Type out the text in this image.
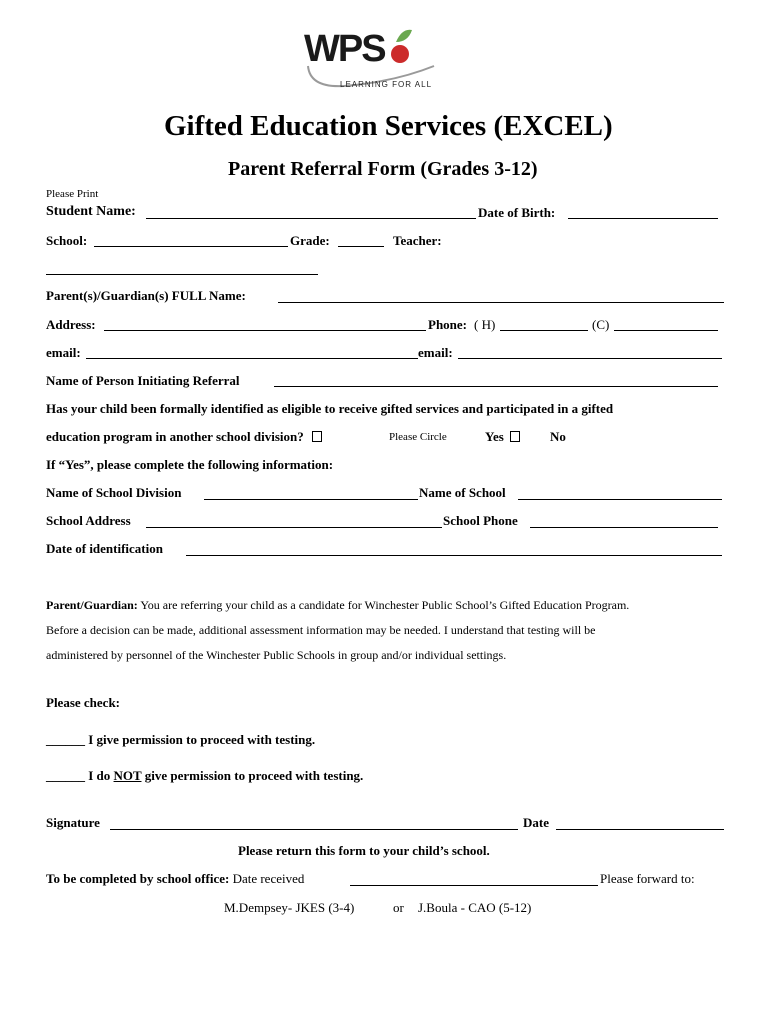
WPS
LEARNING FOR ALL
Gifted Education Services (EXCEL)
Parent Referral Form (Grades 3-12)
Please Print
Student Name:	Date of Birth:
School:	Grade:	Teacher:
Parent(s)/Guardian(s) FULL Name:
Address:	Phone: ( H)	(C)
email:	email:
Name of Person Initiating Referral
Has your child been formally identified as eligible to receive gifted services and participated in a gifted
education program in another school division?	Please Circle	Yes	No
If “Yes”, please complete the following information:
Name of School Division	Name of School
School Address	School Phone
Date of identification
Parent/Guardian: You are referring your child as a candidate for Winchester Public School’s Gifted Education Program.
Before a decision can be made, additional assessment information may be needed. I understand that testing will be
administered by personnel of the Winchester Public Schools in group and/or individual settings.
Please check:
______ I give permission to proceed with testing.
______ I do NOT give permission to proceed with testing.
Signature	Date
Please return this form to your child’s school.
To be completed by school office: Date received	Please forward to:
M.Dempsey- JKES (3-4)	or J.Boula - CAO (5-12)
